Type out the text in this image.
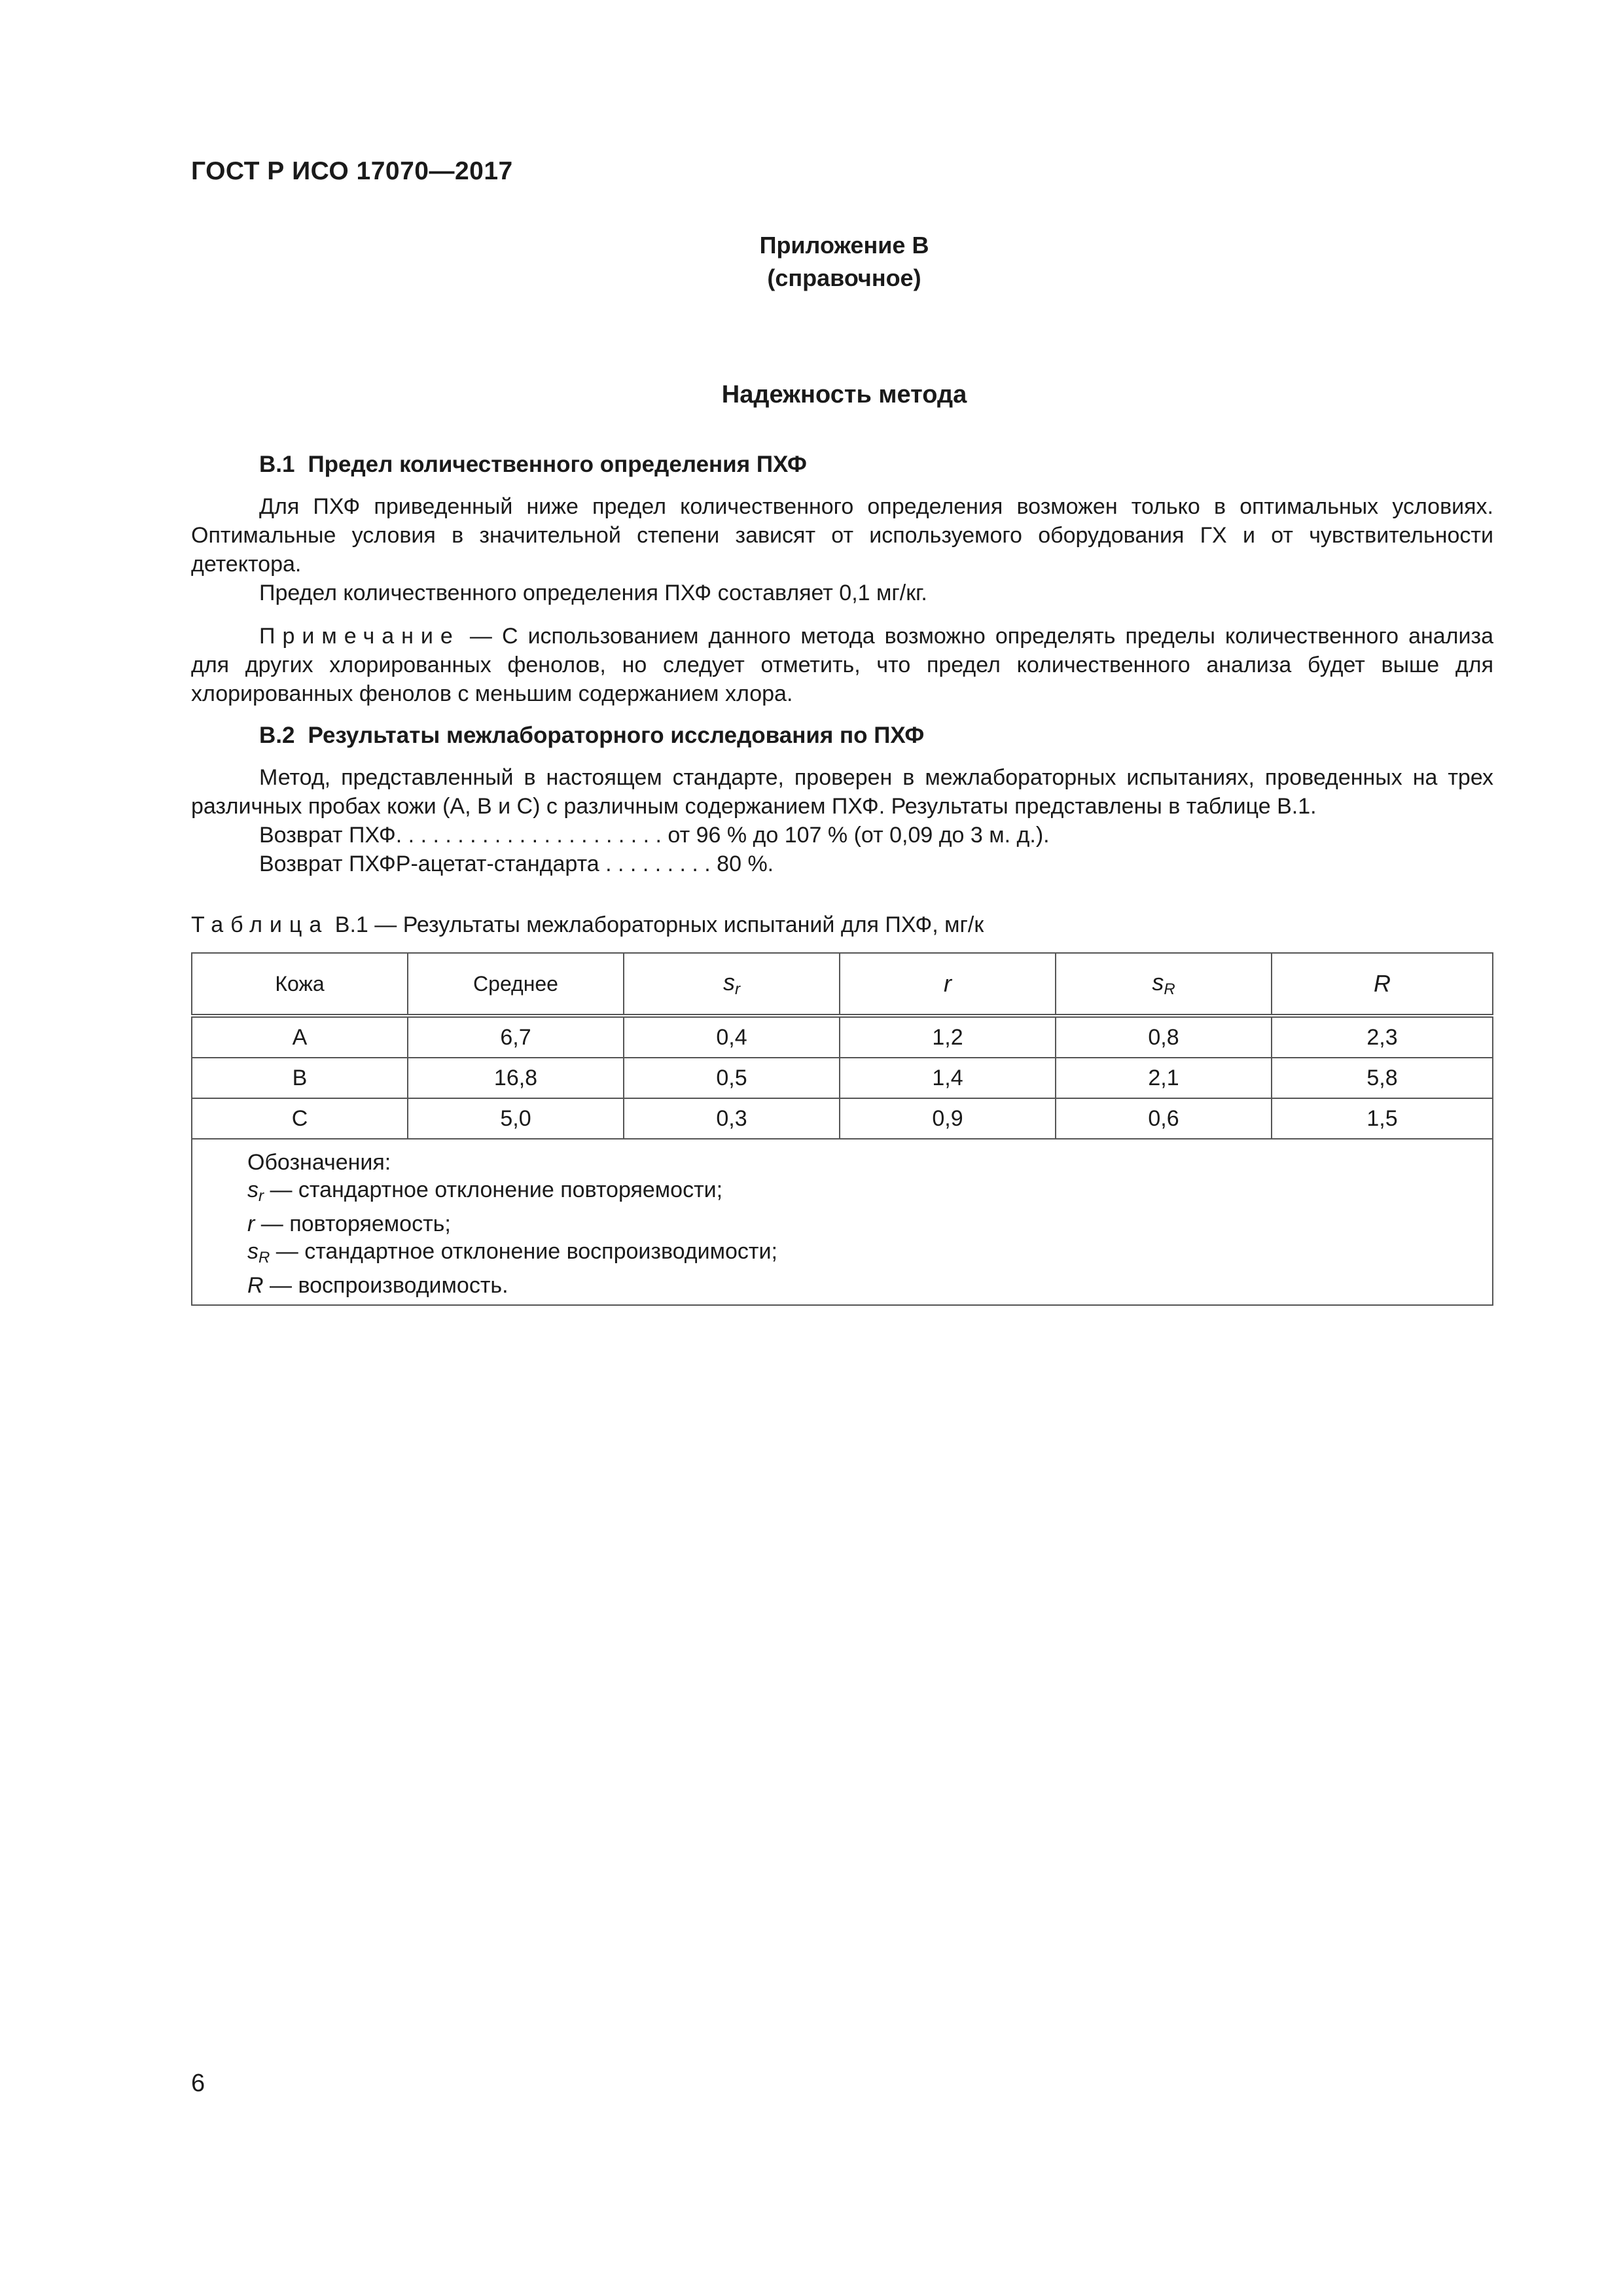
ГОСТ Р ИСО 17070—2017
Приложение В
(справочное)
Надежность метода
В.1 Предел количественного определения ПХФ
Для ПХФ приведенный ниже предел количественного определения возможен только в оптимальных условиях. Оптимальные условия в значительной степени зависят от используемого оборудования ГХ и от чувствительности детектора.
Предел количественного определения ПХФ составляет 0,1 мг/кг.
Примечание — С использованием данного метода возможно определять пределы количественного анализа для других хлорированных фенолов, но следует отметить, что предел количественного анализа будет выше для хлорированных фенолов с меньшим содержанием хлора.
В.2 Результаты межлабораторного исследования по ПХФ
Метод, представленный в настоящем стандарте, проверен в межлабораторных испытаниях, проведенных на трех различных пробах кожи (А, В и С) с различным содержанием ПХФ. Результаты представлены в таблице В.1.
Возврат ПХФ. . . . . . . . . . . . . . . . . . . . . . от 96 % до 107 % (от 0,09 до 3 м. д.).
Возврат ПХФР-ацетат-стандарта . . . . . . . . . 80 %.
Таблица В.1 — Результаты межлабораторных испытаний для ПХФ, мг/к
Кожа	Среднее	$s_r$	r	$s_R$	R
А	6,7	0,4	1,2	0,8	2,3
В	16,8	0,5	1,4	2,1	5,8
С	5,0	0,3	0,9	0,6	1,5

Обозначения:
$s_r$ — стандартное отклонение повторяемости;
r — повторяемость;
$s_R$ — стандартное отклонение воспроизводимости;
R — воспроизводимость.					
6
